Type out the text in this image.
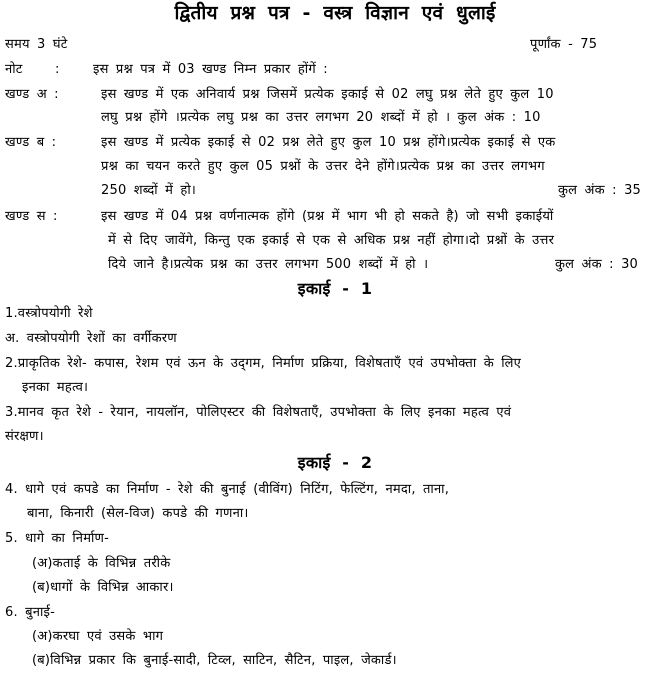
द्वितीय प्रश्न पत्र - वस्त्र विज्ञान एवं धुलाई
समय 3 घंटे	पूर्णांक - 75
नोट :	इस प्रश्न पत्र में 03 खण्ड निम्न प्रकार होंगें :
खण्ड अ :	इस खण्ड में एक अनिवार्य प्रश्न जिसमें प्रत्येक इकाई से 02 लघु प्रश्न लेते हुए कुल 10
लघु प्रश्न होंगे ।प्रत्येक लघु प्रश्न का उत्तर लगभग 20 शब्दों में हो । कुल अंक : 10
खण्ड ब :	इस खण्ड में प्रत्येक इकाई से 02 प्रश्न लेते हुए कुल 10 प्रश्न होंगे।प्रत्येक इकाई से एक
प्रश्न का चयन करते हुए कुल 05 प्रश्नों के उत्तर देने होंगे।प्रत्येक प्रश्न का उत्तर लगभग
250 शब्दों में हो।	कुल अंक : 35
खण्ड स :	इस खण्ड में 04 प्रश्न वर्णनात्मक होंगे (प्रश्न में भाग भी हो सकते है) जो सभी इकाईयों
में से दिए जावेंगे, किन्तु एक इकाई से एक से अधिक प्रश्न नहीं होगा।दो प्रश्नों के उत्तर
दिये जाने है।प्रत्येक प्रश्न का उत्तर लगभग 500 शब्दों में हो ।	कुल अंक : 30
इकाई - 1
1.वस्त्रोपयोगी रेशे
अ. वस्त्रोपयोगी रेशों का वर्गीकरण
2.प्राकृतिक रेशे- कपास, रेशम एवं ऊन के उद्‌गम, निर्माण प्रक्रिया, विशेषताएँ एवं उपभोक्ता के लिए
इनका महत्व।
3.मानव कृत रेशे - रेयान, नायलॉन, पोलिएस्टर की विशेषताएँ, उपभोक्ता के लिए इनका महत्व एवं
संरक्षण।
इकाई - 2
4. धागे एवं कपडे का निर्माण - रेशे की बुनाई (वीविंग) निटिंग, फेल्टिंग, नमदा, ताना,
बाना, किनारी (सेल-विज) कपडे की गणना।
5. धागे का निर्माण-
(अ)कताई के विभिन्न तरीके
(ब)धागों के विभिन्न आकार।
6. बुनाई-
(अ)करघा एवं उसके भाग
(ब)विभिन्न प्रकार कि बुनाई-सादी, टिव्ल, साटिन, सैटिन, पाइल, जेकार्ड।
